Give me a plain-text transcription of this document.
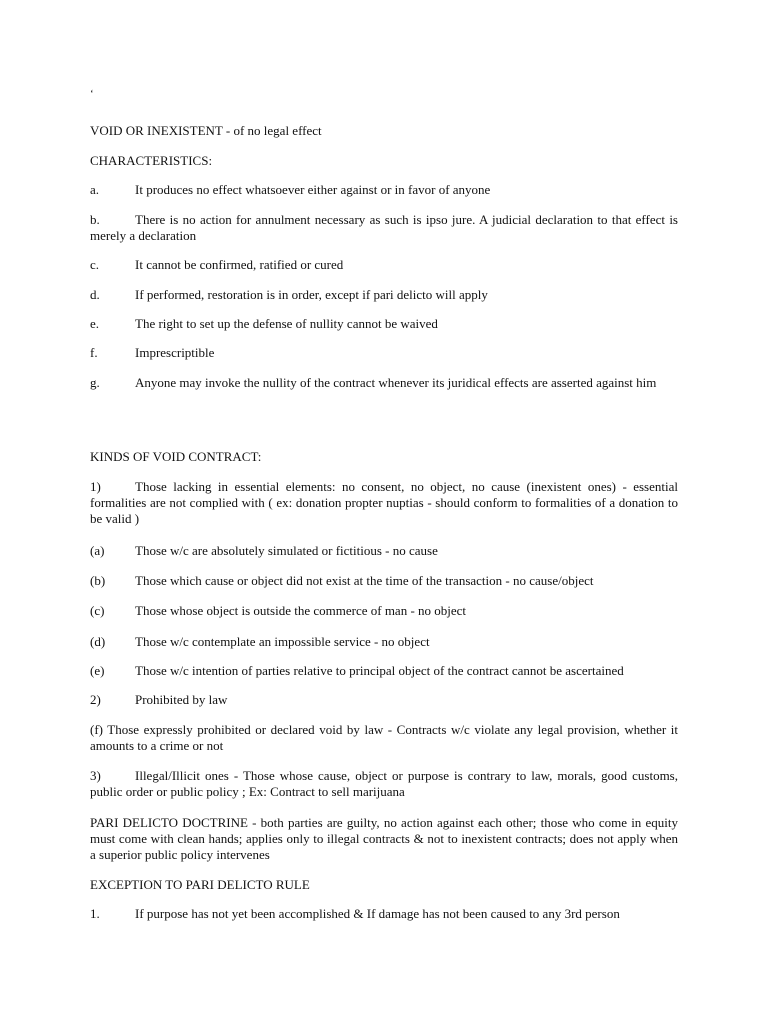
‘

VOID OR INEXISTENT - of no legal effect

CHARACTERISTICS:

a.	It produces no effect whatsoever either against or in favor of anyone

b.	There is no action for annulment necessary as such is ipso jure. A judicial declaration to that effect is merely a declaration

c.	It cannot be confirmed, ratified or cured

d.	If performed, restoration is in order, except if pari delicto will apply

e.	The right to set up the defense of nullity cannot be waived

f.	Imprescriptible

g.	Anyone may invoke the nullity of the contract whenever its juridical effects are asserted against him

KINDS OF VOID CONTRACT:

1)	Those lacking in essential elements: no consent, no object, no cause (inexistent ones) - essential formalities are not complied with ( ex: donation propter nuptias - should conform to formalities of a donation to be valid )

(a) Those w/c are absolutely simulated or fictitious - no cause

(b) Those which cause or object did not exist at the time of the transaction - no cause/object

(c) Those whose object is outside the commerce of man - no object

(d) Those w/c contemplate an impossible service - no object

(e) Those w/c intention of parties relative to principal object of the contract cannot be ascertained

2)	Prohibited by law

(f) Those expressly prohibited or declared void by law - Contracts w/c violate any legal provision, whether it amounts to a crime or not

3)	Illegal/Illicit ones - Those whose cause, object or purpose is contrary to law, morals, good customs, public order or public policy ; Ex: Contract to sell marijuana

PARI DELICTO DOCTRINE - both parties are guilty, no action against each other; those who come in equity must come with clean hands; applies only to illegal contracts & not to inexistent contracts; does not apply when a superior public policy intervenes

EXCEPTION TO PARI DELICTO RULE

1.	If purpose has not yet been accomplished & If damage has not been caused to any 3rd person
